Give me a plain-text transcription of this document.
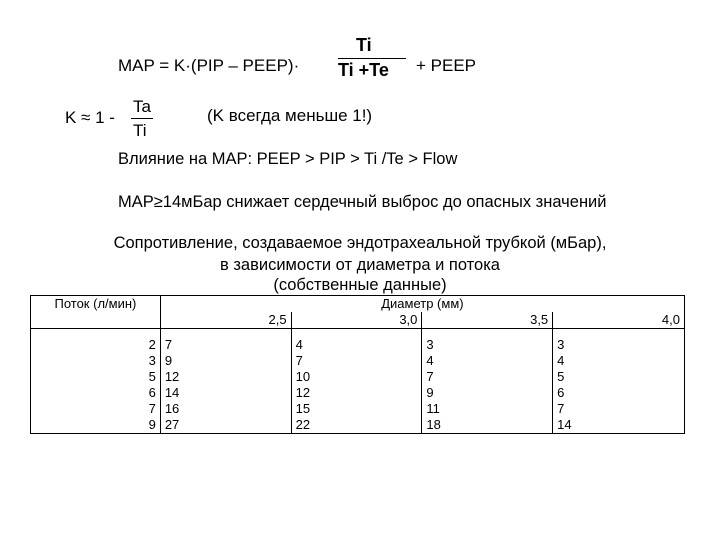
MAP = K·(PIP – PEEP)·
Ti
Ti +Te + PEEP
K ≈ 1 -
Ta
Ti
(K всегда меньше 1!)
Влияние на MAP: PEEP > PIP > Ti /Te > Flow
MAP≥14мБар снижает сердечный выброс до опасных значений
Сопротивление, создаваемое эндотрахеальной трубкой (мБар),
в зависимости от диаметра и потока
(собственные данные)
Поток (л/мин)	Диаметр (мм)			
	2,5	3,0	3,5	4,0

2	7	4	3	3
3	9	7	4	4
5	12	10	7	5
6	14	12	9	6
7	16	15	11	7
9	27	22	18	14
